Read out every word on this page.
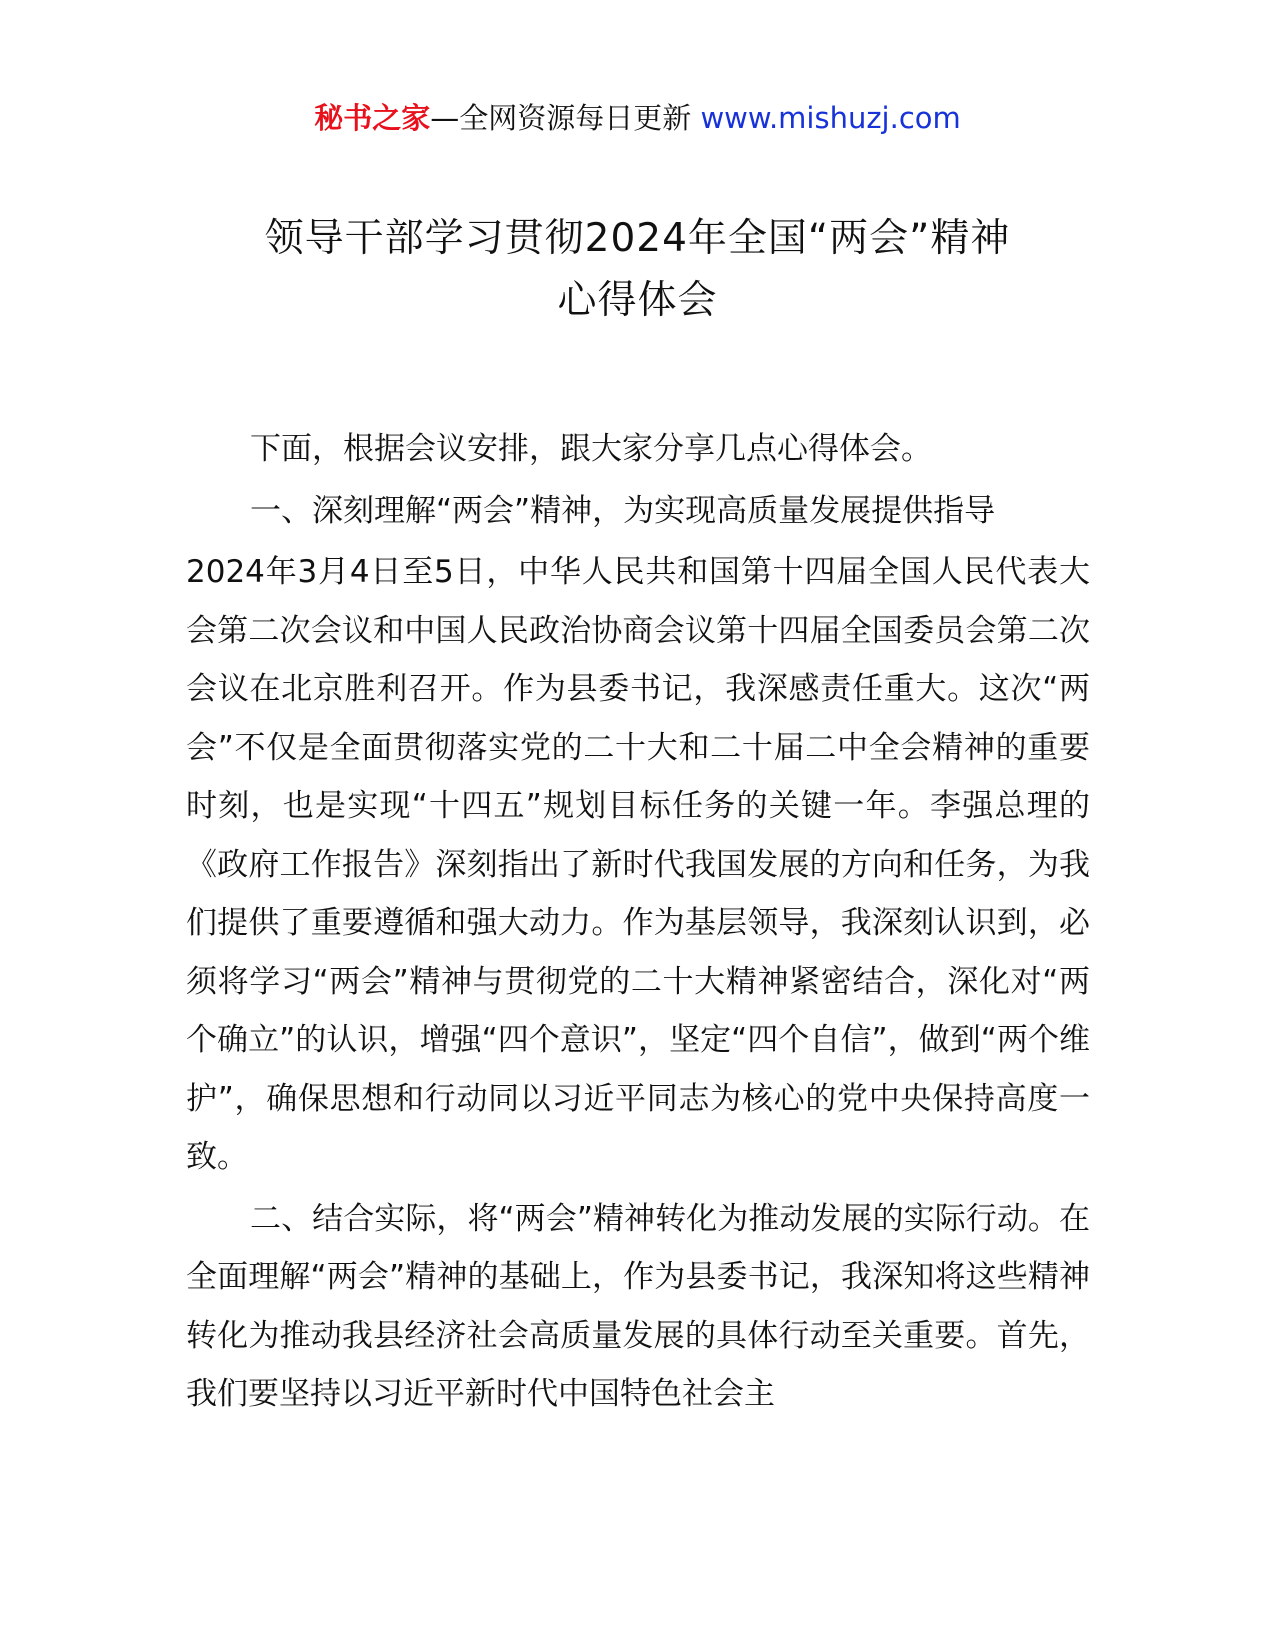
秘书之家—全网资源每日更新 www.mishuzj.com
领导干部学习贯彻2024年全国“两会”精神
心得体会

下面，根据会议安排，跟大家分享几点心得体会。

一、深刻理解“两会”精神，为实现高质量发展提供指导

2024年3月4日至5日，中华人民共和国第十四届全国人民代表大会第二次会议和中国人民政治协商会议第十四届全国委员会第二次会议在北京胜利召开。作为县委书记，我深感责任重大。这次“两会”不仅是全面贯彻落实党的二十大和二十届二中全会精神的重要时刻，也是实现“十四五”规划目标任务的关键一年。李强总理的《政府工作报告》深刻指出了新时代我国发展的方向和任务，为我们提供了重要遵循和强大动力。作为基层领导，我深刻认识到，必须将学习“两会”精神与贯彻党的二十大精神紧密结合，深化对“两个确立”的认识，增强“四个意识”，坚定“四个自信”，做到“两个维护”，确保思想和行动同以习近平同志为核心的党中央保持高度一致。

二、结合实际，将“两会”精神转化为推动发展的实际行动。在全面理解“两会”精神的基础上，作为县委书记，我深知将这些精神转化为推动我县经济社会高质量发展的具体行动至关重要。首先，我们要坚持以习近平新时代中国特色社会主
